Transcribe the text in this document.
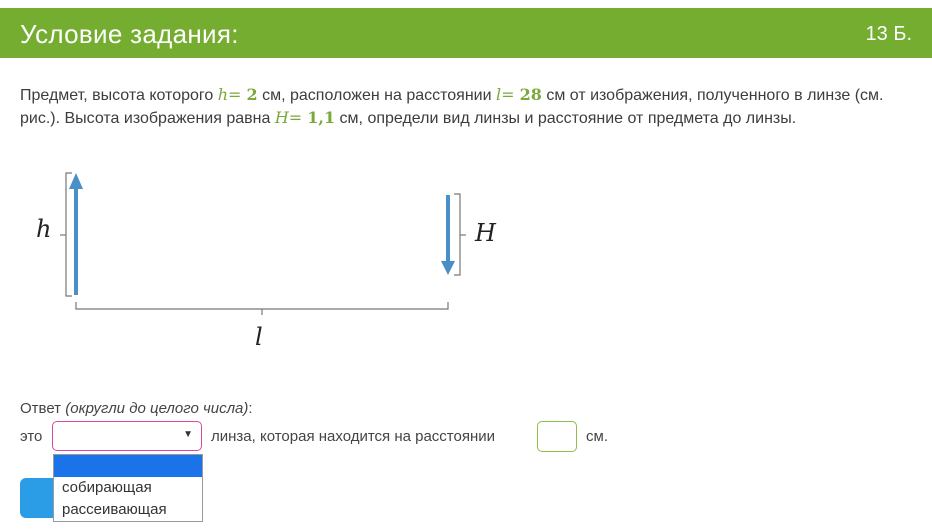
Условие задания:	13 Б.
Предмет, высота которого h= 2 см, расположен на расстоянии l= 28 см от изображения, полученного в линзе (см. рис.). Высота изображения равна H= 1,1 см, определи вид линзы и расстояние от предмета до линзы.
h	H
l
Ответ (округли до целого числа):
это	▼ линза, которая находится на расстоянии	см.
собирающая
рассеивающая
